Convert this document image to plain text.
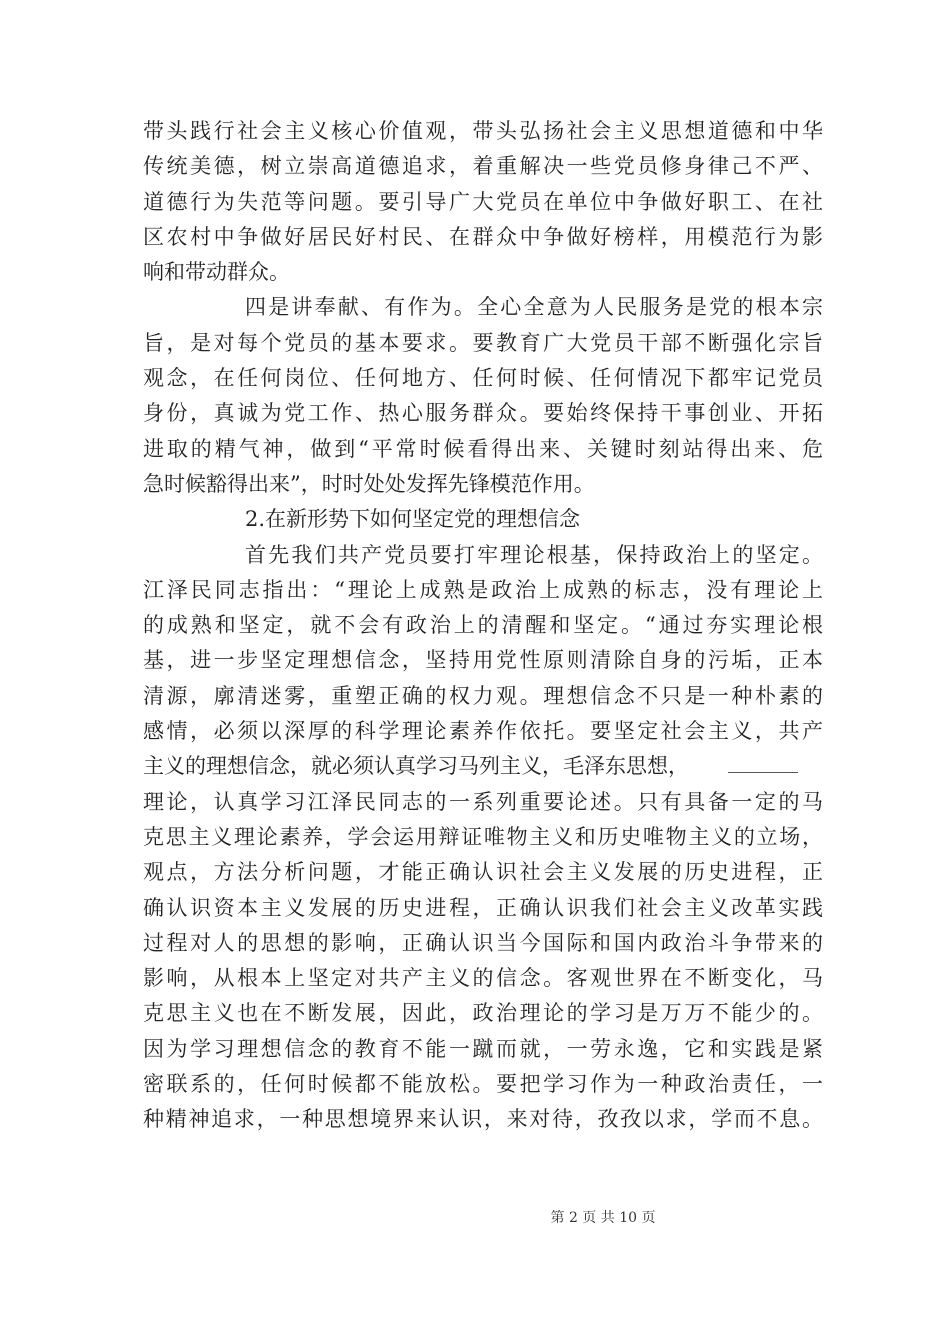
带头践行社会主义核心价值观，带头弘扬社会主义思想道德和中华
传统美德，树立崇高道德追求，着重解决一些党员修身律己不严、
道德行为失范等问题。要引导广大党员在单位中争做好职工、在社
区农村中争做好居民好村民、在群众中争做好榜样，用模范行为影
响和带动群众。
四是讲奉献、有作为。全心全意为人民服务是党的根本宗
旨，是对每个党员的基本要求。要教育广大党员干部不断强化宗旨
观念，在任何岗位、任何地方、任何时候、任何情况下都牢记党员
身份，真诚为党工作、热心服务群众。要始终保持干事创业、开拓
进取的精气神，做到“平常时候看得出来、关键时刻站得出来、危
急时候豁得出来”，时时处处发挥先锋模范作用。
2.在新形势下如何坚定党的理想信念
首先我们共产党员要打牢理论根基，保持政治上的坚定。
江泽民同志指出：“理论上成熟是政治上成熟的标志，没有理论上
的成熟和坚定，就不会有政治上的清醒和坚定。“通过夯实理论根
基，进一步坚定理想信念，坚持用党性原则清除自身的污垢，正本
清源，廓清迷雾，重塑正确的权力观。理想信念不只是一种朴素的
感情，必须以深厚的科学理论素养作依托。要坚定社会主义，共产
主义的理想信念，就必须认真学习马列主义，毛泽东思想，
理论，认真学习江泽民同志的一系列重要论述。只有具备一定的马
克思主义理论素养，学会运用辩证唯物主义和历史唯物主义的立场，
观点，方法分析问题，才能正确认识社会主义发展的历史进程，正
确认识资本主义发展的历史进程，正确认识我们社会主义改革实践
过程对人的思想的影响，正确认识当今国际和国内政治斗争带来的
影响，从根本上坚定对共产主义的信念。客观世界在不断变化，马
克思主义也在不断发展，因此，政治理论的学习是万万不能少的。
因为学习理想信念的教育不能一蹴而就，一劳永逸，它和实践是紧
密联系的，任何时候都不能放松。要把学习作为一种政治责任，一
种精神追求，一种思想境界来认识，来对待，孜孜以求，学而不息。
第 2 页 共 10 页
